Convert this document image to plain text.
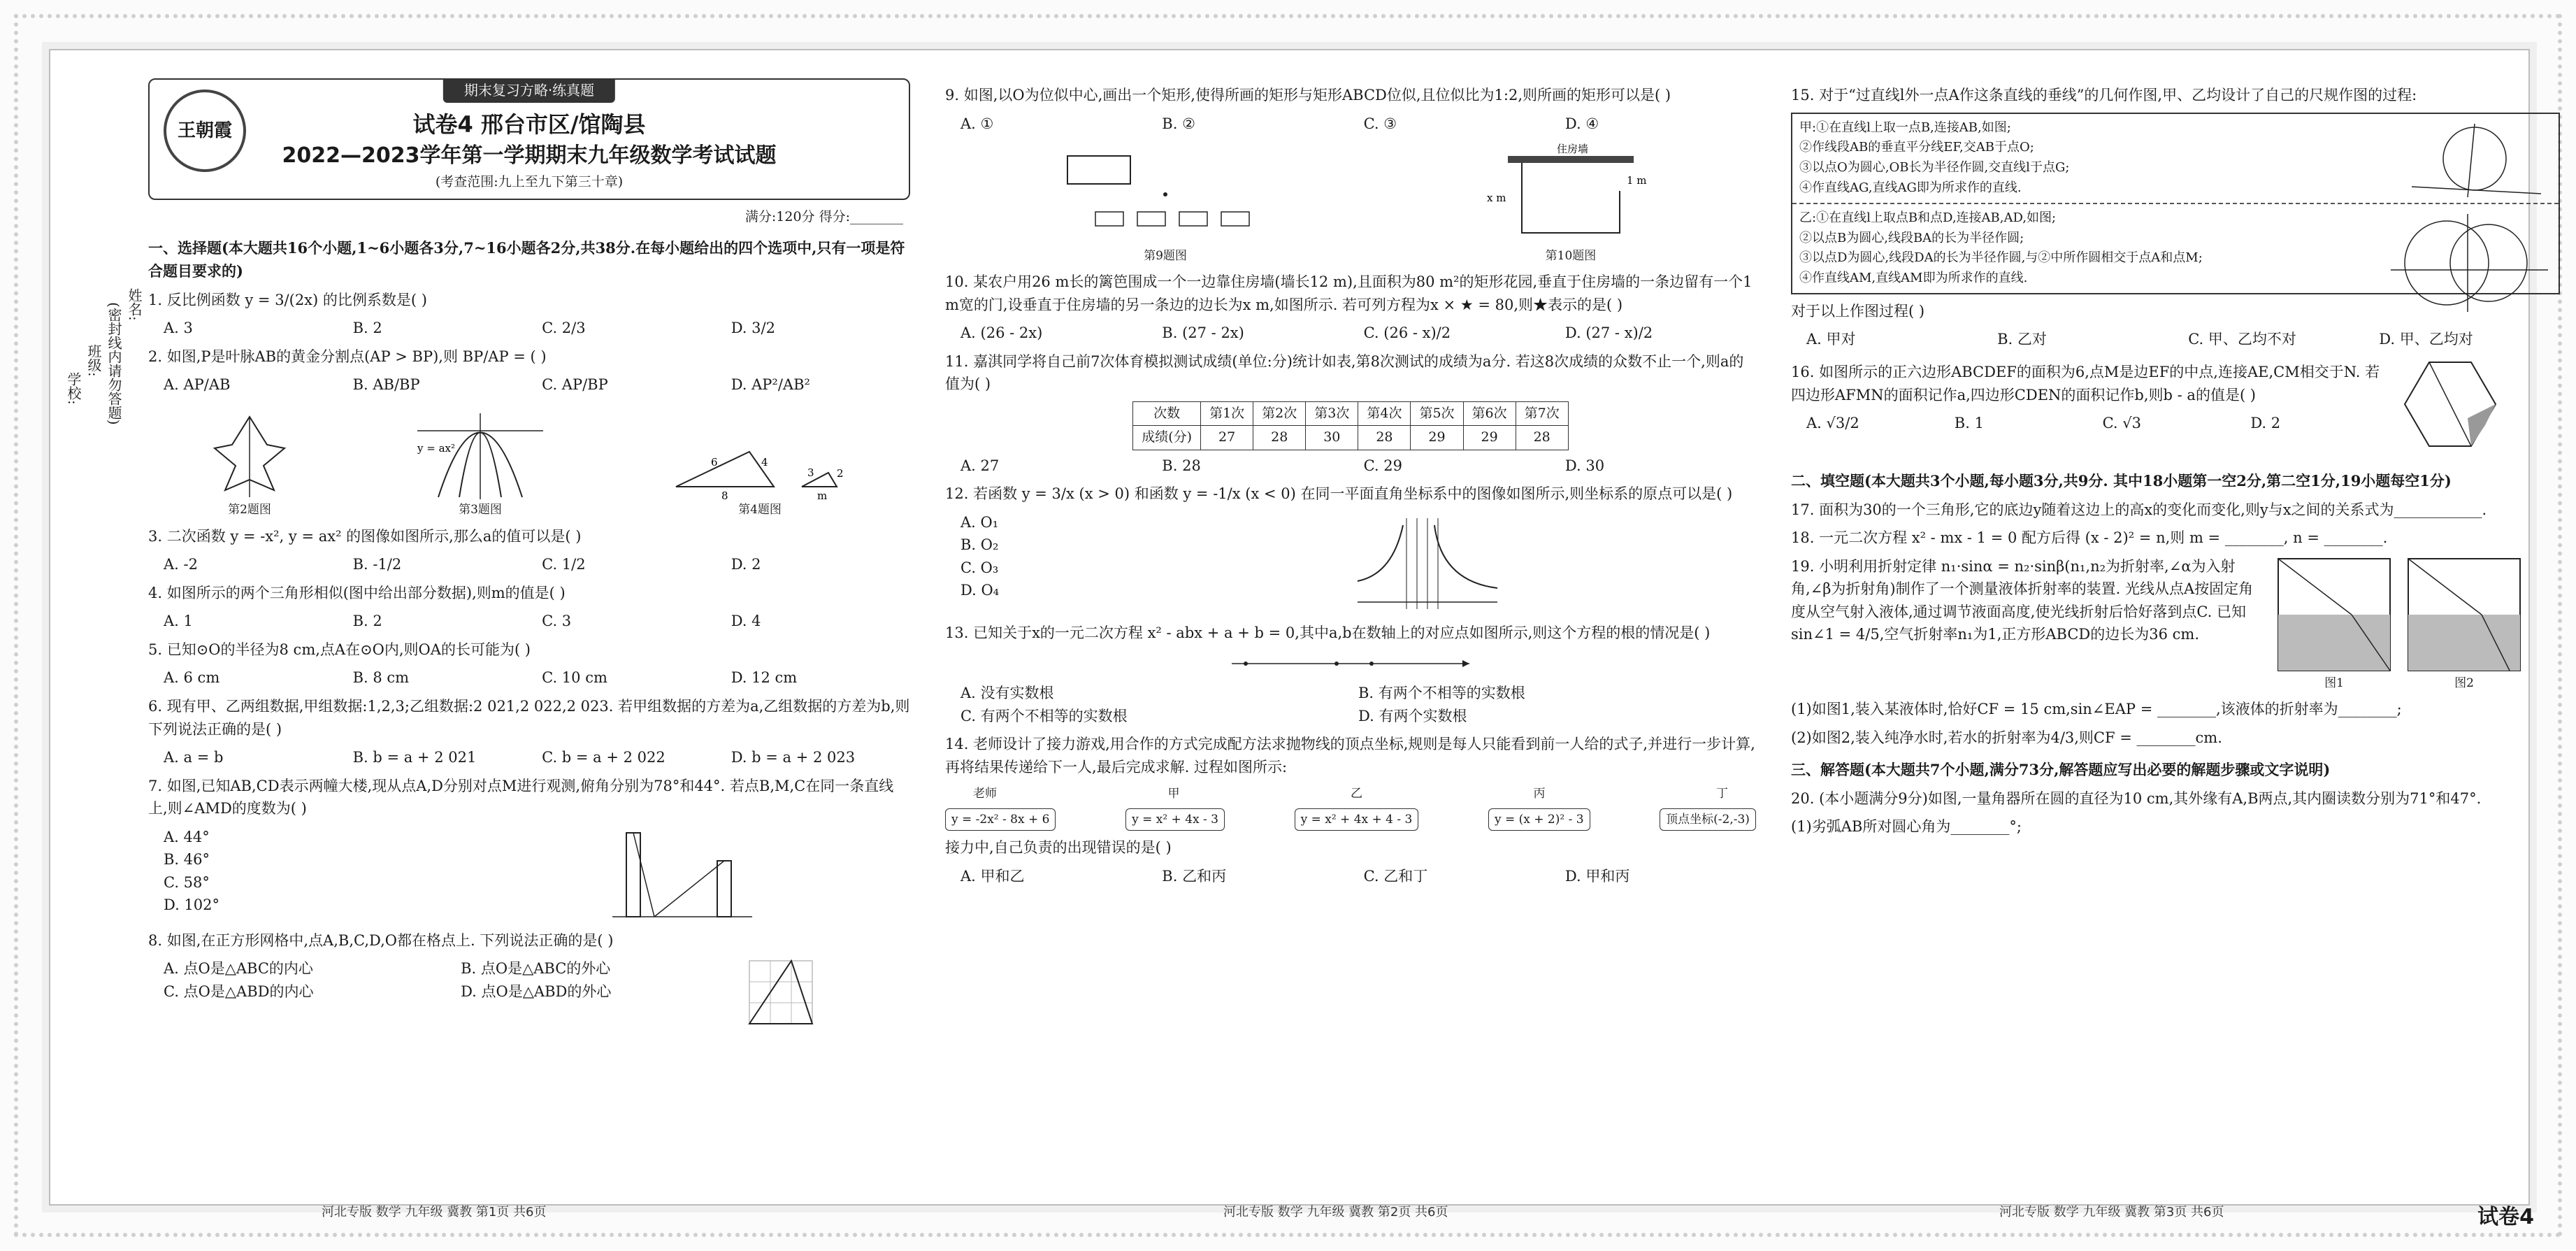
姓名:
(密封线内请勿答题)
班级:
学校:
期末复习方略·练真题
王朝霞	试卷4 邢台市区/馆陶县
2022—2023学年第一学期期末九年级数学考试试题
(考查范围:九上至九下第三十章)
满分:120分 得分:________
一、选择题(本大题共16个小题,1~6小题各3分,7~16小题各2分,共38分.在每小题给出的四个选项中,只有一项是符合题目要求的)
1. 反比例函数 y = 3/(2x) 的比例系数是( )
A. 3	B. 2	C. 2/3	D. 3/2
2. 如图,P是叶脉AB的黄金分割点(AP > BP),则 BP/AP = ( )
A. AP/AB	B. AB/BP	C. AP/BP	D. AP²/AB²
第2题图
y = ax²
第3题图
6	4
8
3 2
m
第4题图
3. 二次函数 y = -x², y = ax² 的图像如图所示,那么a的值可以是( )
A. -2	B. -1/2	C. 1/2	D. 2
4. 如图所示的两个三角形相似(图中给出部分数据),则m的值是( )
A. 1	B. 2	C. 3	D. 4
5. 已知⊙O的半径为8 cm,点A在⊙O内,则OA的长可能为( )
A. 6 cm	B. 8 cm	C. 10 cm	D. 12 cm
6. 现有甲、乙两组数据,甲组数据:1,2,3;乙组数据:2 021,2 022,2 023. 若甲组数据的方差为a,乙组数据的方差为b,则下列说法正确的是( )
A. a = b	B. b = a + 2 021	C. b = a + 2 022	D. b = a + 2 023
7. 如图,已知AB,CD表示两幢大楼,现从点A,D分别对点M进行观测,俯角分别为78°和44°. 若点B,M,C在同一条直线上,则∠AMD的度数为( )
A. 44°
B. 46°
C. 58°
D. 102°
8. 如图,在正方形网格中,点A,B,C,D,O都在格点上. 下列说法正确的是( )
A. 点O是△ABC的内心	B. 点O是△ABC的外心
C. 点O是△ABD的内心	D. 点O是△ABD的外心
9. 如图,以O为位似中心,画出一个矩形,使得所画的矩形与矩形ABCD位似,且位似比为1:2,则所画的矩形可以是( )
A. ①	B. ②	C. ③	D. ④
第9题图
住房墙
x m
1 m
第10题图
10. 某农户用26 m长的篱笆围成一个一边靠住房墙(墙长12 m),且面积为80 m²的矩形花园,垂直于住房墙的一条边留有一个1 m宽的门,设垂直于住房墙的另一条边的边长为x m,如图所示. 若可列方程为x × ★ = 80,则★表示的是( )
A. (26 - 2x)	B. (27 - 2x)	C. (26 - x)/2	D. (27 - x)/2
11. 嘉淇同学将自己前7次体育模拟测试成绩(单位:分)统计如表,第8次测试的成绩为a分. 若这8次成绩的众数不止一个,则a的值为( )
次数	第1次	第2次	第3次	第4次	第5次	第6次	第7次
成绩(分)	27	28	30	28	29	29	28
A. 27	B. 28	C. 29	D. 30
12. 若函数 y = 3/x (x > 0) 和函数 y = -1/x (x < 0) 在同一平面直角坐标系中的图像如图所示,则坐标系的原点可以是( )
A. O₁
B. O₂
C. O₃
D. O₄
13. 已知关于x的一元二次方程 x² - abx + a + b = 0,其中a,b在数轴上的对应点如图所示,则这个方程的根的情况是( )
A. 没有实数根	B. 有两个不相等的实数根
C. 有两个不相等的实数根	D. 有两个实数根
14. 老师设计了接力游戏,用合作的方式完成配方法求抛物线的顶点坐标,规则是每人只能看到前一人给的式子,并进行一步计算,再将结果传递给下一人,最后完成求解. 过程如图所示:
老师	甲	乙	丙	丁
y = -2x² - 8x + 6	y = x² + 4x - 3	y = x² + 4x + 4 - 3	y = (x + 2)² - 3	顶点坐标(-2,-3)
接力中,自己负责的出现错误的是( )
A. 甲和乙	B. 乙和丙	C. 乙和丁	D. 甲和丙
15. 对于“过直线l外一点A作这条直线的垂线”的几何作图,甲、乙均设计了自己的尺规作图的过程:
甲:①在直线l上取一点B,连接AB,如图;
②作线段AB的垂直平分线EF,交AB于点O;
③以点O为圆心,OB长为半径作圆,交直线l于点G;
④作直线AG,直线AG即为所求作的直线.
乙:①在直线l上取点B和点D,连接AB,AD,如图;
②以点B为圆心,线段BA的长为半径作圆;
③以点D为圆心,线段DA的长为半径作圆,与②中所作圆相交于点A和点M;
④作直线AM,直线AM即为所求作的直线.
对于以上作图过程( )
A. 甲对	B. 乙对	C. 甲、乙均不对	D. 甲、乙均对
16. 如图所示的正六边形ABCDEF的面积为6,点M是边EF的中点,连接AE,CM相交于N. 若四边形AFMN的面积记作a,四边形CDEN的面积记作b,则b - a的值是( )
A. √3/2	B. 1	C. √3	D. 2
二、填空题(本大题共3个小题,每小题3分,共9分. 其中18小题第一空2分,第二空1分,19小题每空1分)
17. 面积为30的一个三角形,它的底边y随着这边上的高x的变化而变化,则y与x之间的关系式为____________.
18. 一元二次方程 x² - mx - 1 = 0 配方后得 (x - 2)² = n,则 m = ________, n = ________.
19. 小明利用折射定律 n₁·sinα = n₂·sinβ(n₁,n₂为折射率,∠α为入射角,∠β为折射角)制作了一个测量液体折射率的装置. 光线从点A按固定角度从空气射入液体,通过调节液面高度,使光线折射后恰好落到点C. 已知 sin∠1 = 4/5,空气折射率n₁为1,正方形ABCD的边长为36 cm.
图1	图2
(1)如图1,装入某液体时,恰好CF = 15 cm,sin∠EAP = ________,该液体的折射率为________;
(2)如图2,装入纯净水时,若水的折射率为4/3,则CF = ________cm.
三、解答题(本大题共7个小题,满分73分,解答题应写出必要的解题步骤或文字说明)
20. (本小题满分9分)如图,一量角器所在圆的直径为10 cm,其外缘有A,B两点,其内圈读数分别为71°和47°.
(1)劣弧AB所对圆心角为________°;
河北专版 数学 九年级 冀教 第2页 共6页	河北专版 数学 九年级 冀教 第3页 共6页
河北专版 数学 九年级 冀教 第1页 共6页	试卷4
